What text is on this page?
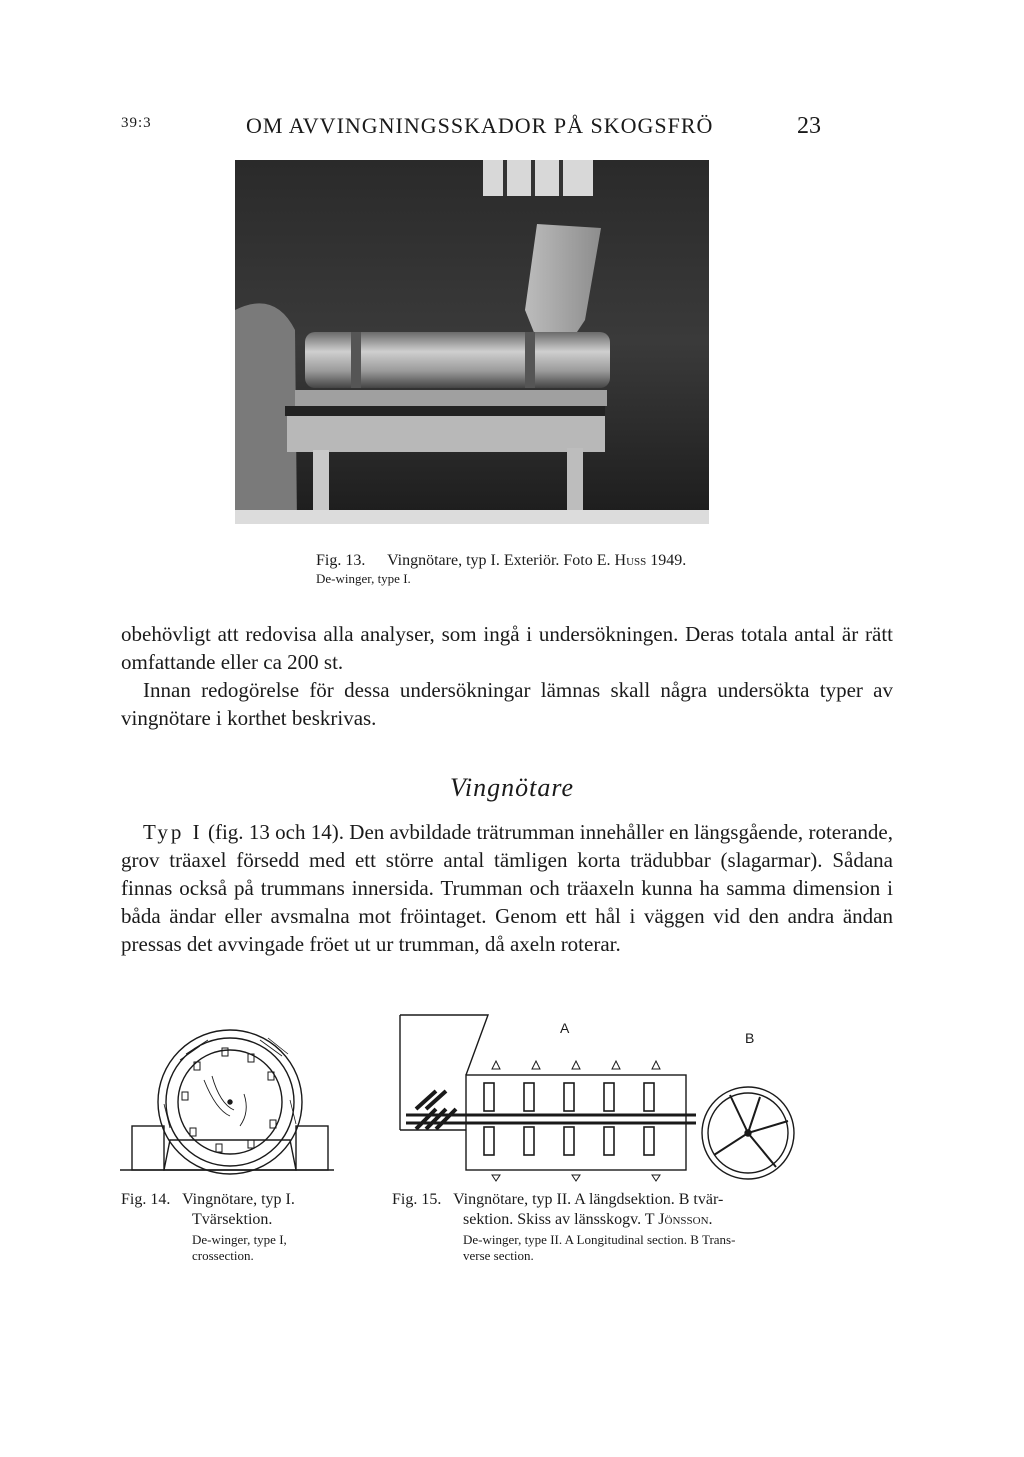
39:3	OM AVVINGNINGSSKADOR PÅ SKOGSFRÖ	23
Fig. 13. Vingnötare, typ I. Exteriör. Foto E. Huss 1949.
De-winger, type I.

obehövligt att redovisa alla analyser, som ingå i undersökningen. Deras totala antal är rätt omfattande eller ca 200 st.

Innan redogörelse för dessa undersökningar lämnas skall några undersökta typer av vingnötare i korthet beskrivas.

Vingnötare

Typ I (fig. 13 och 14). Den avbildade trätrumman innehåller en längsgående, roterande, grov träaxel försedd med ett större antal tämligen korta trädubbar (slagarmar). Sådana finnas också på trummans innersida. Trumman och träaxeln kunna ha samma dimension i båda ändar eller avsmalna mot fröintaget. Genom ett hål i väggen vid den andra ändan pressas det avvingade fröet ut ur trumman, då axeln roterar.

A
B
Fig. 14. Vingnötare, typ I.
Tvärsektion.
De-winger, type I,
crossection.
Fig. 15. Vingnötare, typ II. A längdsektion. B tvär-
sektion. Skiss av länsskogv. T Jönsson.
De-winger, type II. A Longitudinal section. B Trans-
verse section.
